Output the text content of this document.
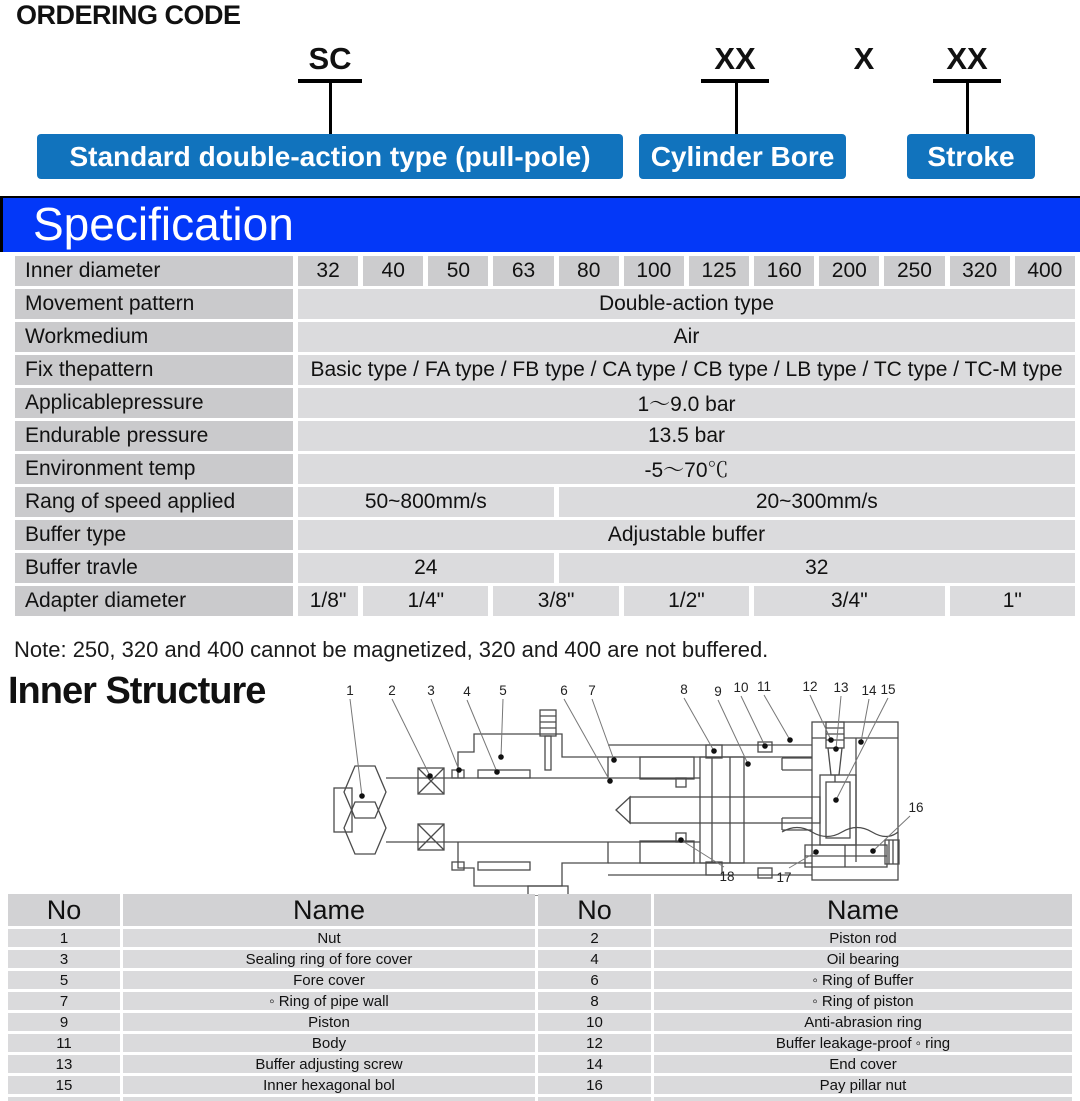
ORDERING CODE
SC	XX	X	XX
Standard double-action type (pull-pole)	Cylinder Bore	Stroke
Specification
Inner diameter	32	40	50	63	80	100	125	160	200	250	320	400
Movement pattern	Double-action type											
Workmedium	Air											
Fix thepattern	Basic type / FA type / FB type / CA type / CB type / LB type / TC type / TC-M type											
Applicablepressure	1～9.0 bar											
Endurable pressure	13.5 bar											
Environment temp	-5～70℃											
Rang of speed applied	50~800mm/s				20~300mm/s							
Buffer type	Adjustable buffer											
Buffer travle	24				32							
Adapter diameter	1/8"	1/4"		3/8"		1/2"		3/4"			1"	
Note: 250, 320 and 400 cannot be magnetized, 320 and 400 are not buffered.
Inner Structure	1	2 3 4 5	6 7	8 9 10 11 12 13 14 15
16
17
18
No	Name	No	Name
1	Nut	2	Piston rod
3	Sealing ring of fore cover	4	Oil bearing
5	Fore cover	6	◦ Ring of Buffer
7	◦ Ring of pipe wall	8	◦ Ring of piston
9	Piston	10	Anti-abrasion ring
11	Body	12	Buffer leakage-proof ◦ ring
13	Buffer adjusting screw	14	End cover
15	Inner hexagonal bol	16	Pay pillar nut
